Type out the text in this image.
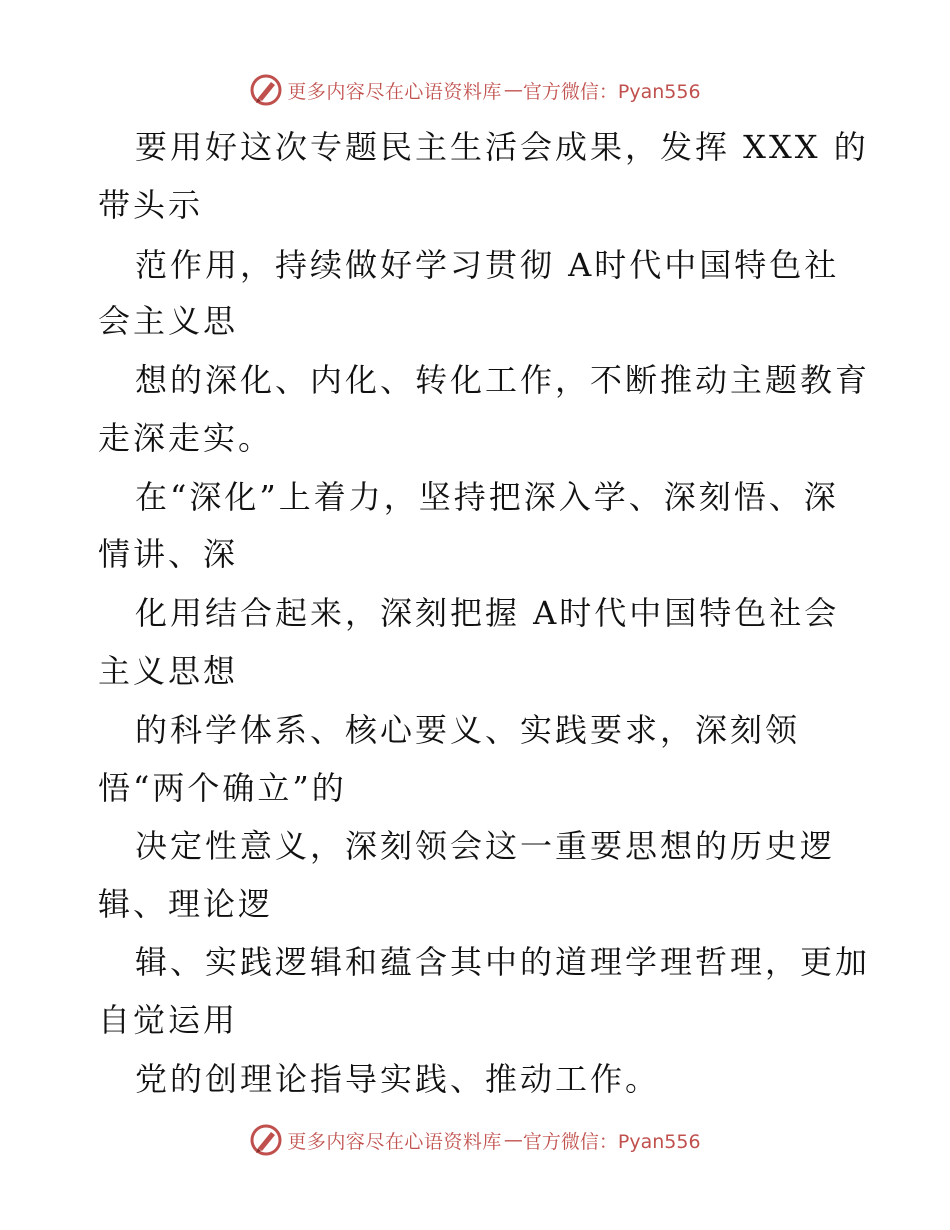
更多内容尽在心语资料库 — 官方微信：Pyan556
要用好这次专题民主生活会成果，发挥 XXX 的
带头示
范作用，持续做好学习贯彻 A时代中国特色社
会主义思
想的深化、内化、转化工作，不断推动主题教育
走深走实。
在“深化”上着力，坚持把深入学、深刻悟、深
情讲、深
化用结合起来，深刻把握 A时代中国特色社会
主义思想
的科学体系、核心要义、实践要求，深刻领
悟“两个确立”的
决定性意义，深刻领会这一重要思想的历史逻
辑、理论逻
辑、实践逻辑和蕴含其中的道理学理哲理，更加
自觉运用
党的创理论指导实践、推动工作。
更多内容尽在心语资料库 — 官方微信：Pyan556
